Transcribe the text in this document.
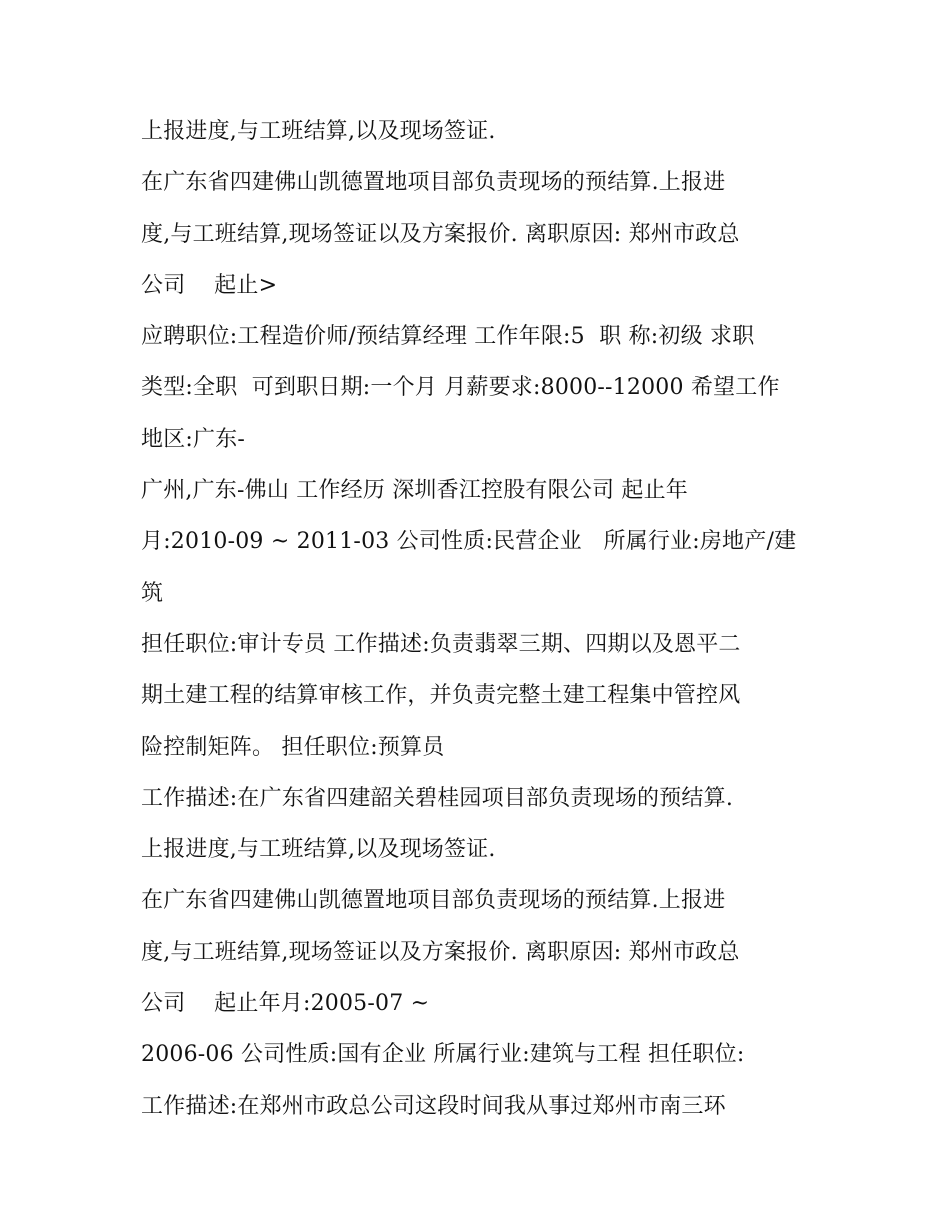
上报进度,与工班结算,以及现场签证.
在广东省四建佛山凯德置地项目部负责现场的预结算.上报进
度,与工班结算,现场签证以及方案报价. 离职原因: 郑州市政总
公司    起止>
应聘职位:工程造价师/预结算经理 工作年限:5  职 称:初级 求职
类型:全职  可到职日期:一个月 月薪要求:8000--12000 希望工作
地区:广东-
广州,广东-佛山 工作经历 深圳香江控股有限公司 起止年
月:2010-09 ~ 2011-03 公司性质:民营企业   所属行业:房地产/建
筑
担任职位:审计专员 工作描述:负责翡翠三期、四期以及恩平二
期土建工程的结算审核工作，并负责完整土建工程集中管控风
险控制矩阵。 担任职位:预算员
工作描述:在广东省四建韶关碧桂园项目部负责现场的预结算.
上报进度,与工班结算,以及现场签证.
在广东省四建佛山凯德置地项目部负责现场的预结算.上报进
度,与工班结算,现场签证以及方案报价. 离职原因: 郑州市政总
公司    起止年月:2005-07 ~
2006-06 公司性质:国有企业 所属行业:建筑与工程 担任职位:
工作描述:在郑州市政总公司这段时间我从事过郑州市南三环
